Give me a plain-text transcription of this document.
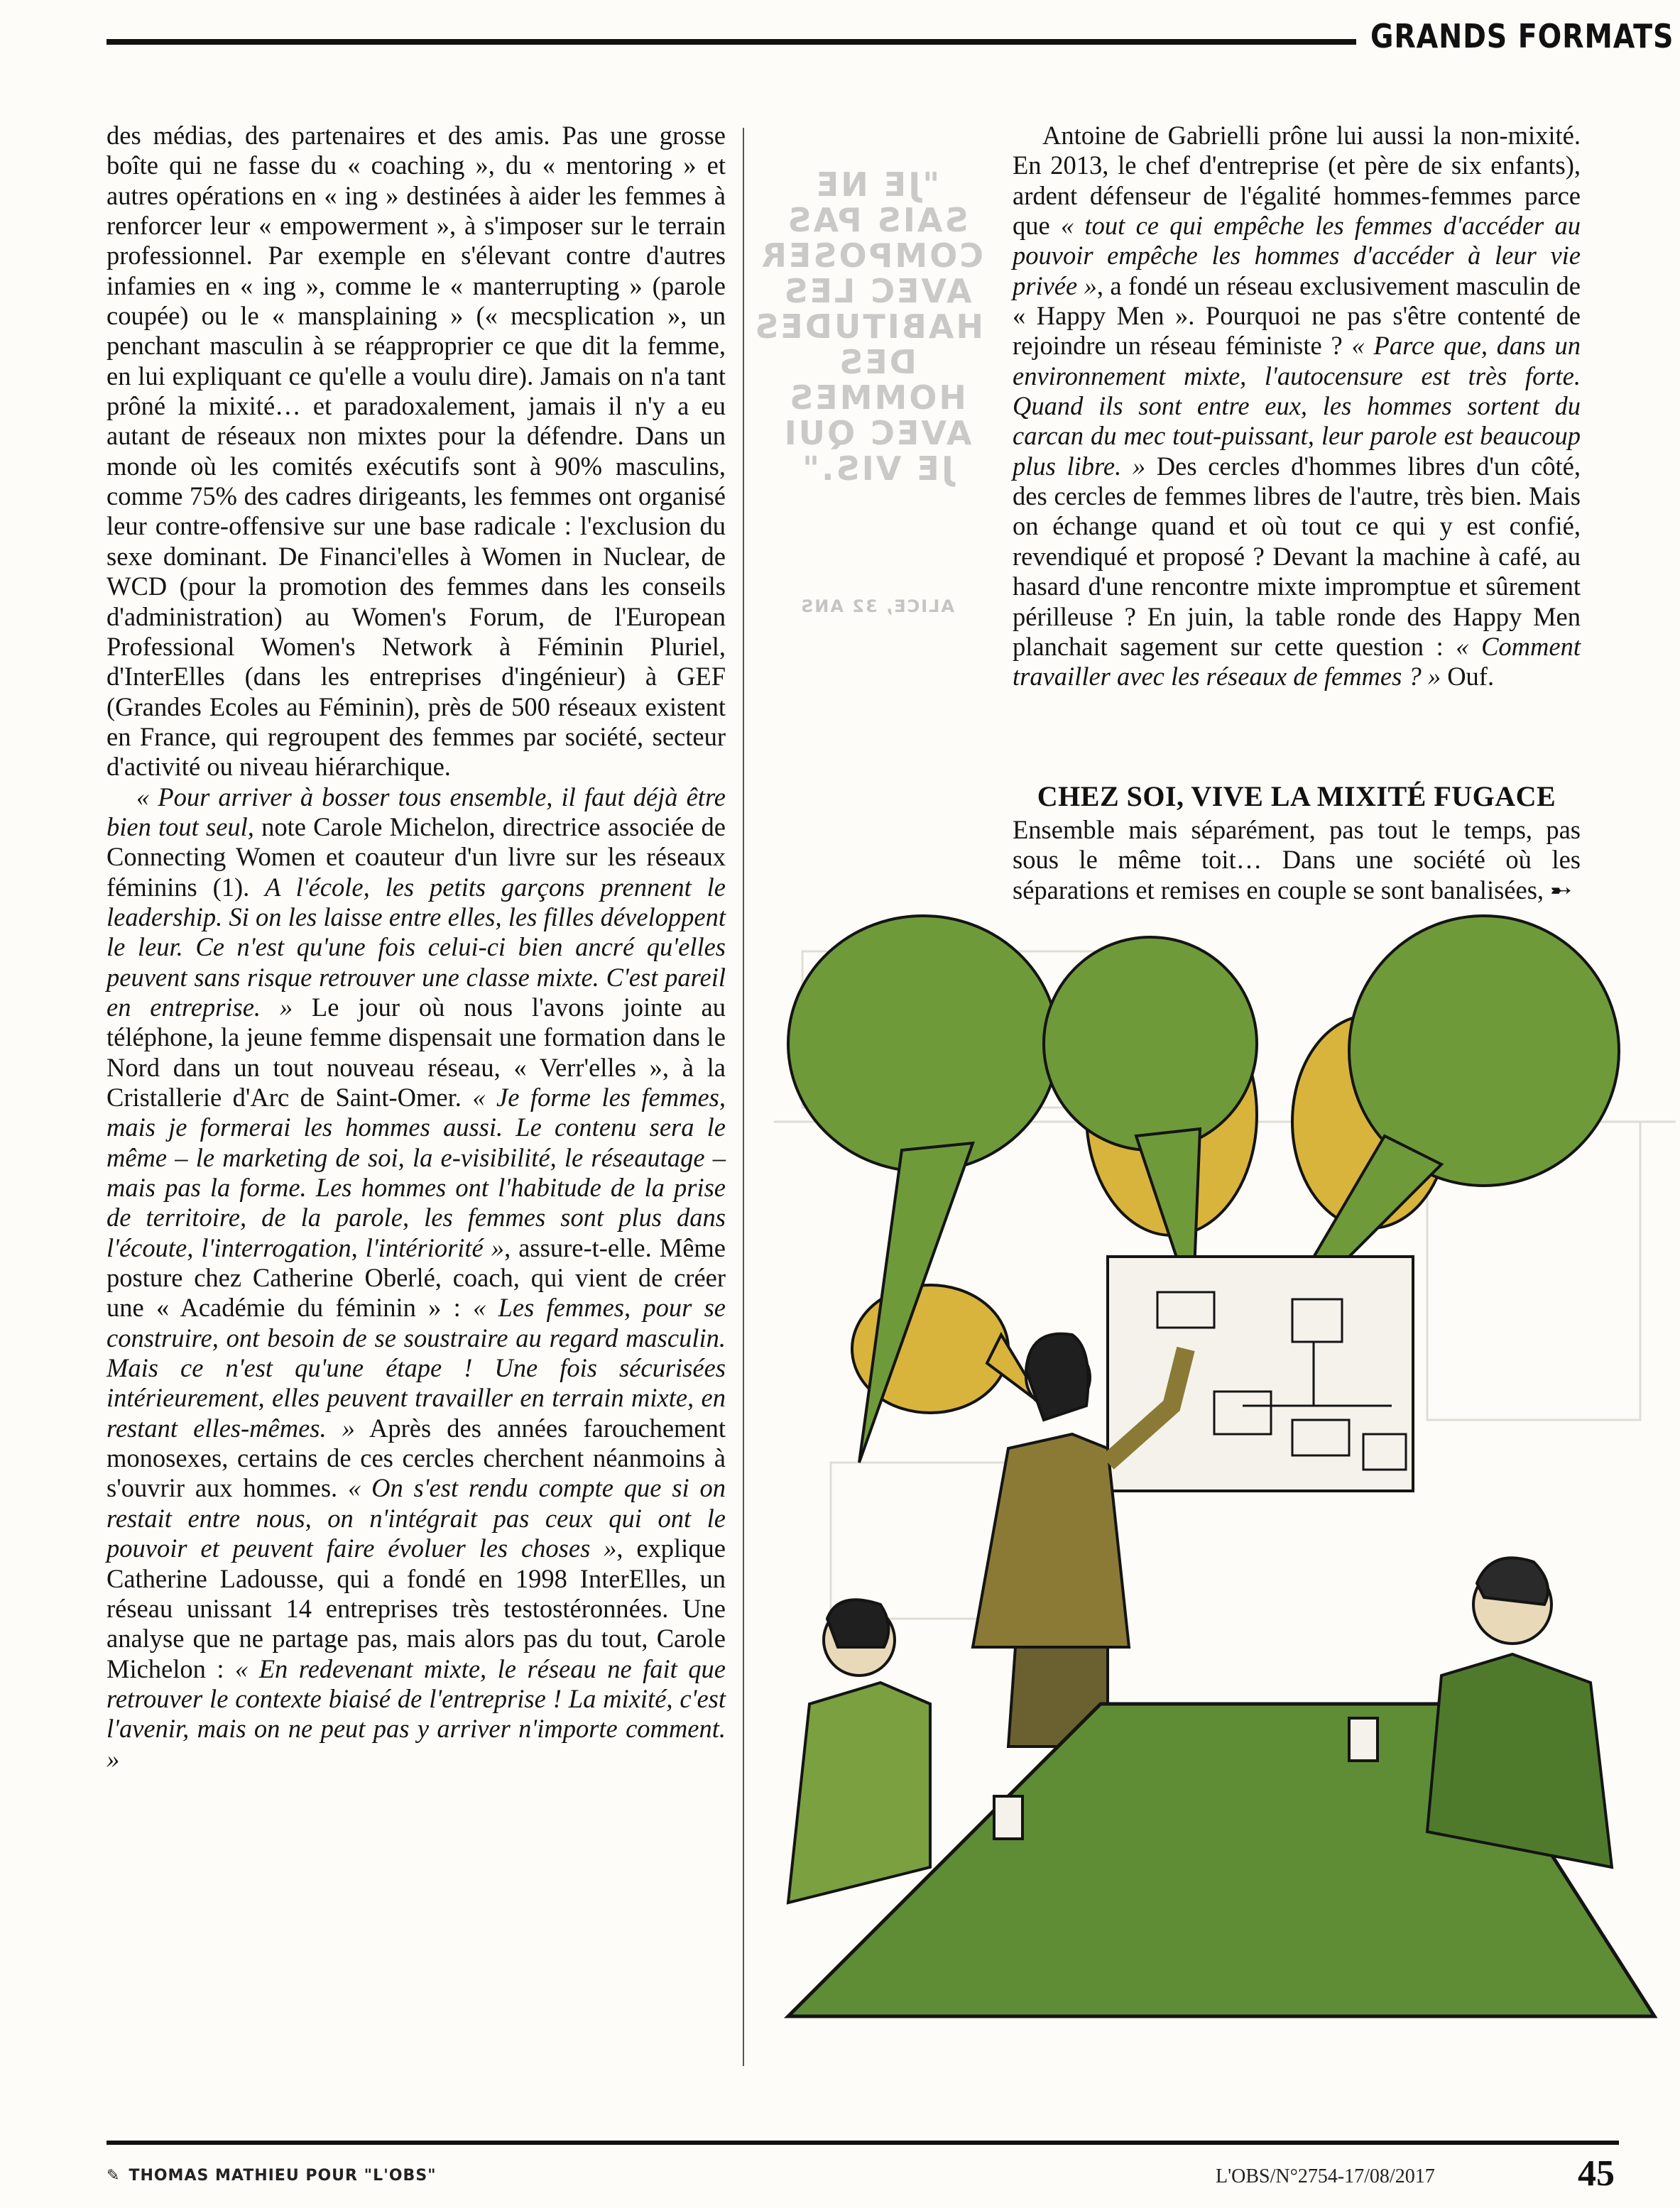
GRANDS FORMATS
"JE NE SAIS PAS COMPOSER AVEC LES HABITUDES DES HOMMES AVEC QUI JE VIS."
ALICE, 32 ANS

des médias, des partenaires et des amis. Pas une grosse boîte qui ne fasse du « coaching », du « mentoring » et autres opérations en « ing » destinées à aider les femmes à renforcer leur « empowerment », à s'imposer sur le terrain professionnel. Par exemple en s'élevant contre d'autres infamies en « ing », comme le « manterrupting » (parole coupée) ou le « mansplaining » (« mecsplication », un penchant masculin à se réapproprier ce que dit la femme, en lui expliquant ce qu'elle a voulu dire). Jamais on n'a tant prôné la mixité… et paradoxalement, jamais il n'y a eu autant de réseaux non mixtes pour la défendre. Dans un monde où les comités exécutifs sont à 90% masculins, comme 75% des cadres dirigeants, les femmes ont organisé leur contre-offensive sur une base radicale : l'exclusion du sexe dominant. De Financi'elles à Women in Nuclear, de WCD (pour la promotion des femmes dans les conseils d'administration) au Women's Forum, de l'European Professional Women's Network à Féminin Pluriel, d'InterElles (dans les entreprises d'ingénieur) à GEF (Grandes Ecoles au Féminin), près de 500 réseaux existent en France, qui regroupent des femmes par société, secteur d'activité ou niveau hiérarchique.

« Pour arriver à bosser tous ensemble, il faut déjà être bien tout seul, note Carole Michelon, directrice associée de Connecting Women et coauteur d'un livre sur les réseaux féminins (1). A l'école, les petits garçons prennent le leadership. Si on les laisse entre elles, les filles développent le leur. Ce n'est qu'une fois celui-ci bien ancré qu'elles peuvent sans risque retrouver une classe mixte. C'est pareil en entreprise. » Le jour où nous l'avons jointe au téléphone, la jeune femme dispensait une formation dans le Nord dans un tout nouveau réseau, « Verr'elles », à la Cristallerie d'Arc de Saint-Omer. « Je forme les femmes, mais je formerai les hommes aussi. Le contenu sera le même – le marketing de soi, la e-visibilité, le réseautage – mais pas la forme. Les hommes ont l'habitude de la prise de territoire, de la parole, les femmes sont plus dans l'écoute, l'interrogation, l'intériorité », assure-t-elle. Même posture chez Catherine Oberlé, coach, qui vient de créer une « Académie du féminin » : « Les femmes, pour se construire, ont besoin de se soustraire au regard masculin. Mais ce n'est qu'une étape ! Une fois sécurisées intérieurement, elles peuvent travailler en terrain mixte, en restant elles-mêmes. » Après des années farouchement monosexes, certains de ces cercles cherchent néanmoins à s'ouvrir aux hommes. « On s'est rendu compte que si on restait entre nous, on n'intégrait pas ceux qui ont le pouvoir et peuvent faire évoluer les choses », explique Catherine Ladousse, qui a fondé en 1998 InterElles, un réseau unissant 14 entreprises très testostéronnées. Une analyse que ne partage pas, mais alors pas du tout, Carole Michelon : « En redevenant mixte, le réseau ne fait que retrouver le contexte biaisé de l'entreprise ! La mixité, c'est l'avenir, mais on ne peut pas y arriver n'importe comment. »

Antoine de Gabrielli prône lui aussi la non-mixité. En 2013, le chef d'entreprise (et père de six enfants), ardent défenseur de l'égalité hommes-femmes parce que « tout ce qui empêche les femmes d'accéder au pouvoir empêche les hommes d'accéder à leur vie privée », a fondé un réseau exclusivement masculin de « Happy Men ». Pourquoi ne pas s'être contenté de rejoindre un réseau féministe ? « Parce que, dans un environnement mixte, l'autocensure est très forte. Quand ils sont entre eux, les hommes sortent du carcan du mec tout-puissant, leur parole est beaucoup plus libre. » Des cercles d'hommes libres d'un côté, des cercles de femmes libres de l'autre, très bien. Mais on échange quand et où tout ce qui y est confié, revendiqué et proposé ? Devant la machine à café, au hasard d'une rencontre mixte impromptue et sûrement périlleuse ? En juin, la table ronde des Happy Men planchait sagement sur cette question : « Comment travailler avec les réseaux de femmes ? » Ouf.

CHEZ SOI, VIVE LA MIXITÉ FUGACE

Ensemble mais séparément, pas tout le temps, pas sous le même toit… Dans une société où les séparations et remises en couple se sont banalisées, ➸

✎ THOMAS MATHIEU POUR "L'OBS"	L'OBS/N°2754-17/08/2017	45
